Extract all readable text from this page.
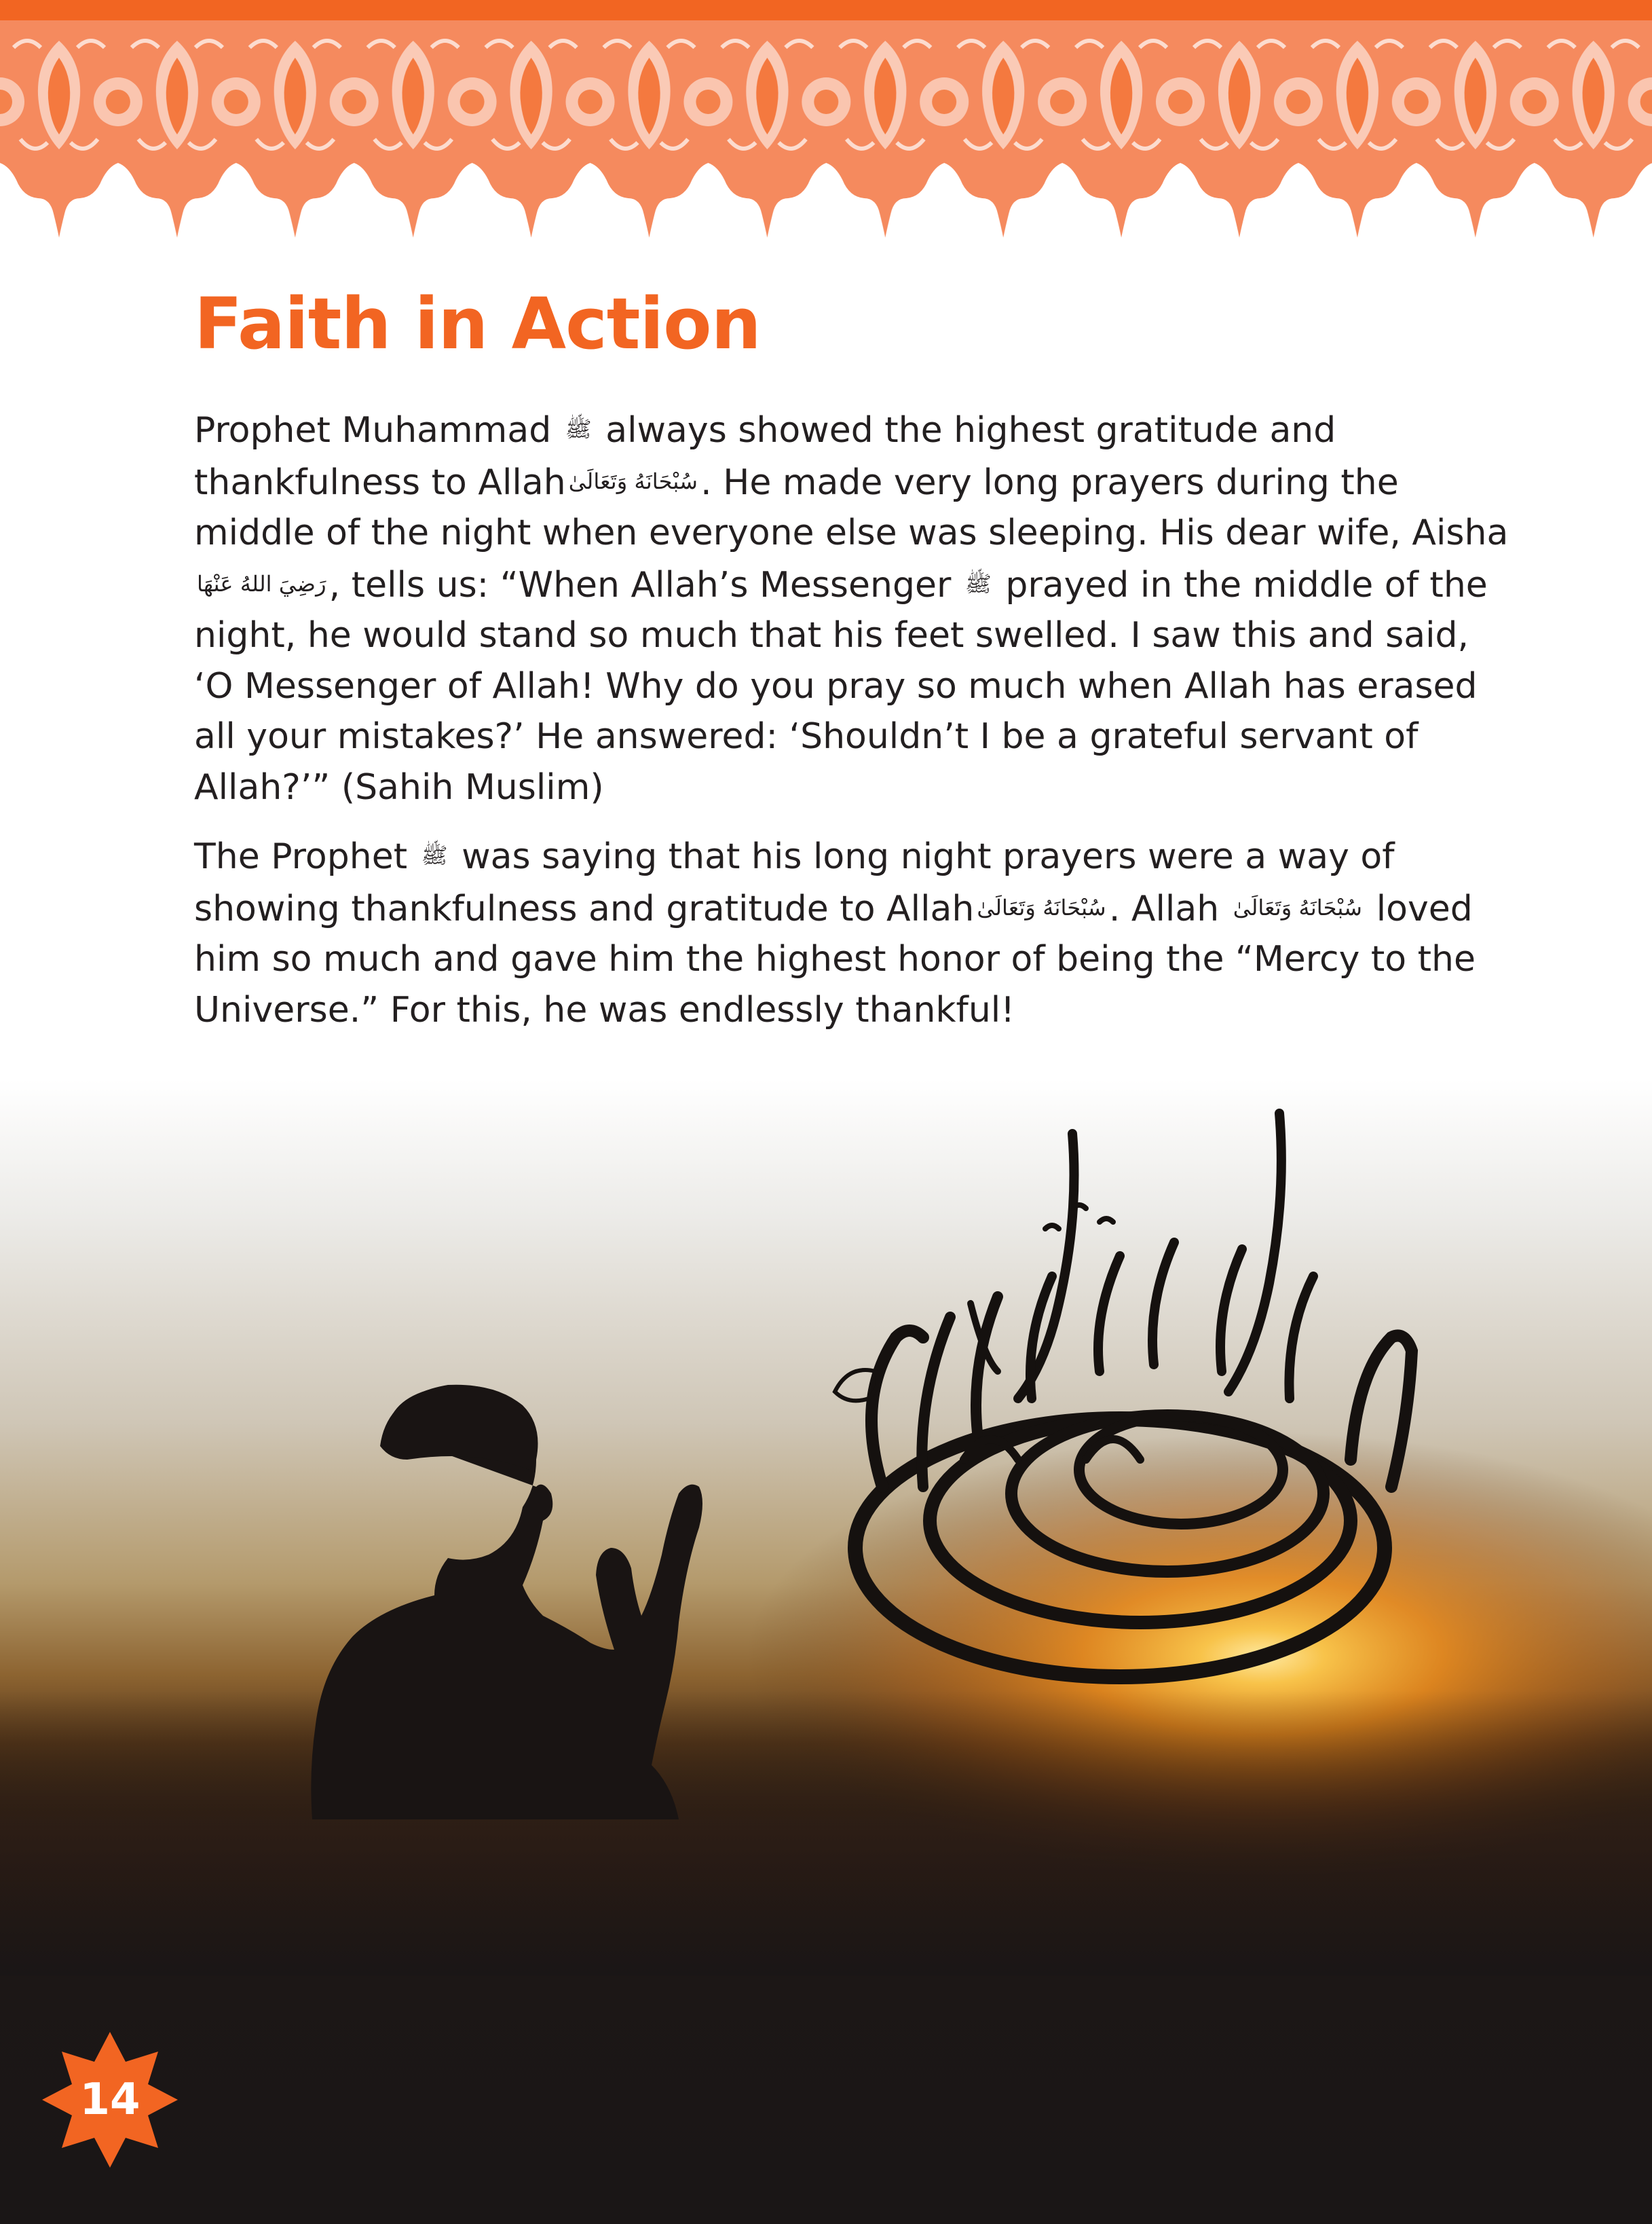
Faith in Action

Prophet Muhammad ﷺ always showed the highest gratitude and thankfulness to Allah سُبْحَانَهُ وَتَعَالَىٰ. He made very long prayers during the middle of the night when everyone else was sleeping. His dear wife, Aishaرَضِيَ اللهُ عَنْهَا, tells us: “When Allah’s Messenger ﷺ prayed in the middle of the night, he would stand so much that his feet swelled. I saw this and said, ‘O Messenger of Allah! Why do you pray so much when Allah has erased all your mistakes?’ He answered: ‘Shouldn’t I be a grateful servant of Allah?’” (Sahih Muslim)

The Prophet ﷺ was saying that his long night prayers were a way of showing thankfulness and gratitude to Allah سُبْحَانَهُ وَتَعَالَىٰ. Allah سُبْحَانَهُ وَتَعَالَىٰ loved him so much and gave him the highest honor of being the “Mercy to the Universe.” For this, he was endlessly thankful!

14
